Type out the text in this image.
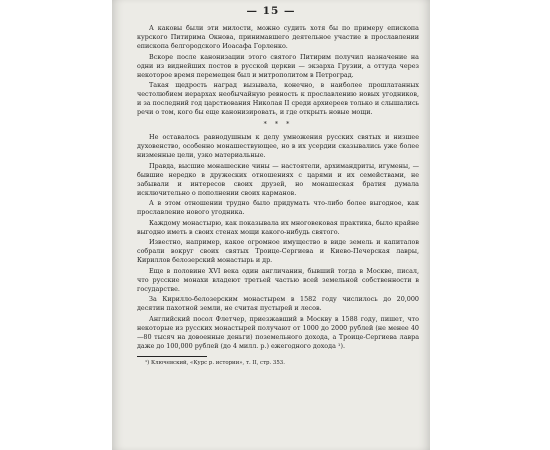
— 15 —

А каковы были эти милости, можно судить хотя бы по примеру епископа курского Питирима Окнова, принимавшего деятельное участие в прославлении епископа белгородского Иоасафа Горленко.

Вскоре после канонизации этого святого Питирим получил назначение на одни из виднейших постов в русской церкви — экзарха Грузии, а оттуда через некоторое время перемещен был и митрополитом в Петроград.

Такая щедрость наград вызывала, конечно, в наиболее прошлатанных честолюбием иерархах необычайную ревность к прославлению новых угодников, и за последний год царствования Николая II среди архиереев только и слышались речи о том, кого бы еще канонизировать, и где открыть новые мощи.

* * *

Не оставалось равнодушным к делу умножения русских святых и низшее духовенство, особенно монашествующее, но в их усердии сказывались уже более низменные цели, узко материальные.

Правда, высшие монашеские чины — настоятели, архимандриты, игумены, — бывшие нередко в дружеских отношениях с царями и их семействами, не забывали и интересов своих друзей, но монашеская братия думала исключительно о пополнении своих карманов.

А в этом отношении трудно было придумать что-либо более выгодное, как прославление нового угодника.

Каждому монастырю, как показывала их многовековая практика, было крайне выгодно иметь в своих стенах мощи какого-нибудь святого.

Известно, например, какое огромное имущество в виде земель и капиталов собрали вокруг своих святых Троице-Сергиева и Киево-Печерская лавры, Кириллов белозерский монастырь и др.

Еще в половине XVI века один англичанин, бывший тогда в Москве, писал, что русские монахи владеют третьей частью всей земельной собственности в государстве.

За Кирилло-белозерским монастырем в 1582 году числилось до 20,000 десятин пахотной земли, не считая пустырей и лесов.

Английский посол Флетчер, приезжавший в Москву в 1588 году, пишет, что некоторые из русских монастырей получают от 1000 до 2000 рублей (не менее 40—80 тысяч на довоенные деньги) поземельного дохода, а Троице-Сергиева лавра даже до 100,000 рублей (до 4 милл. р.) ежегодного дохода ¹).

¹) Ключевский, «Курс р. истории», т. II, стр. 353.
